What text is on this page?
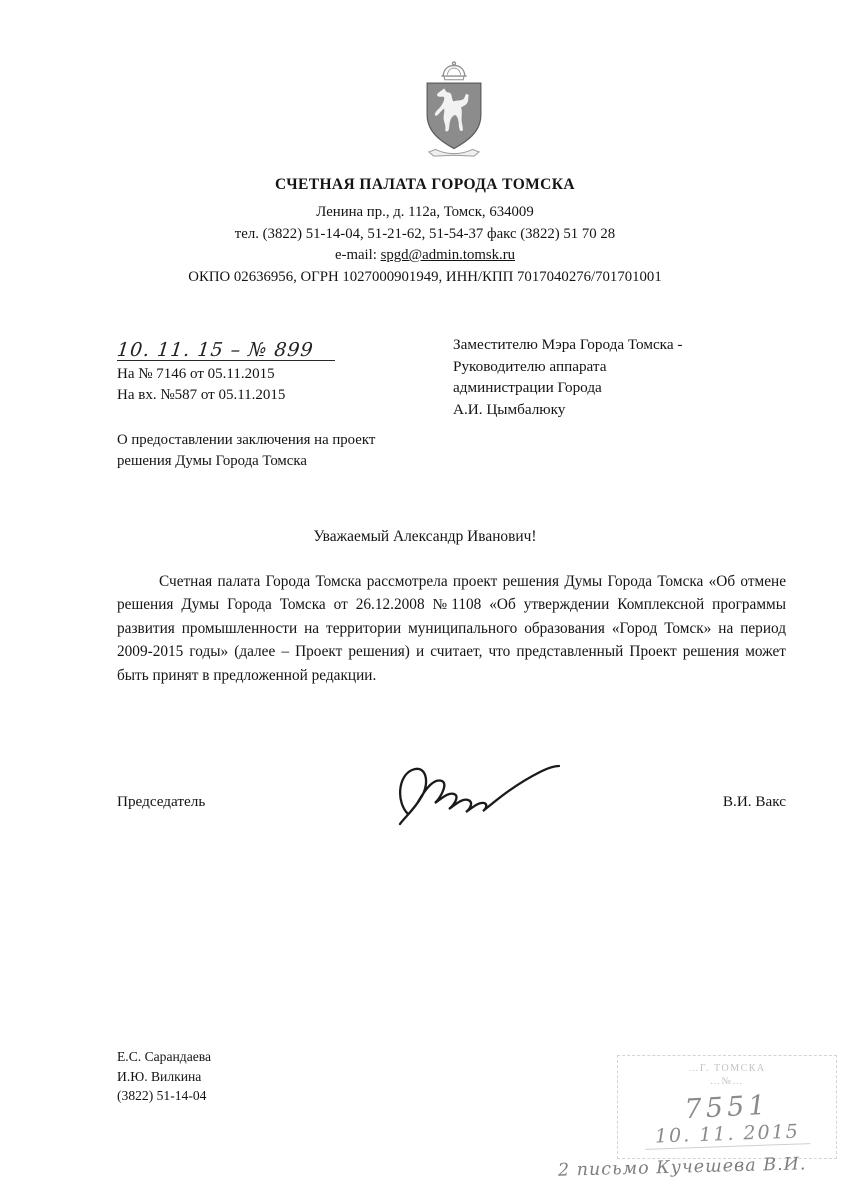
СЧЕТНАЯ ПАЛАТА ГОРОДА ТОМСКА
Ленина пр., д. 112а, Томск, 634009
тел. (3822) 51-14-04, 51-21-62, 51-54-37 факс (3822) 51 70 28
e-mail: spgd@admin.tomsk.ru
ОКПО 02636956, ОГРН 1027000901949, ИНН/КПП 7017040276/701701001
10. 11. 15 – № 899
На № 7146 от 05.11.2015
На вх. №587 от 05.11.2015
Заместителю Мэра Города Томска -
Руководителю аппарата
администрации Города
А.И. Цымбалюку
О предоставлении заключения на проект
решения Думы Города Томска
Уважаемый Александр Иванович!
Счетная палата Города Томска рассмотрела проект решения Думы Города Томска «Об отмене решения Думы Города Томска от 26.12.2008 №1108 «Об утверждении Комплексной программы развития промышленности на территории муниципального образования «Город Томск» на период 2009-2015 годы» (далее – Проект решения) и считает, что представленный Проект решения может быть принят в предложенной редакции.
Председатель	В.И. Вакс
Е.С. Сарандаева
И.Ю. Вилкина
(3822) 51-14-04
…Г. ТОМСКА
…№…
7551
10. 11. 2015
2 письмо Кучешева В.И.
